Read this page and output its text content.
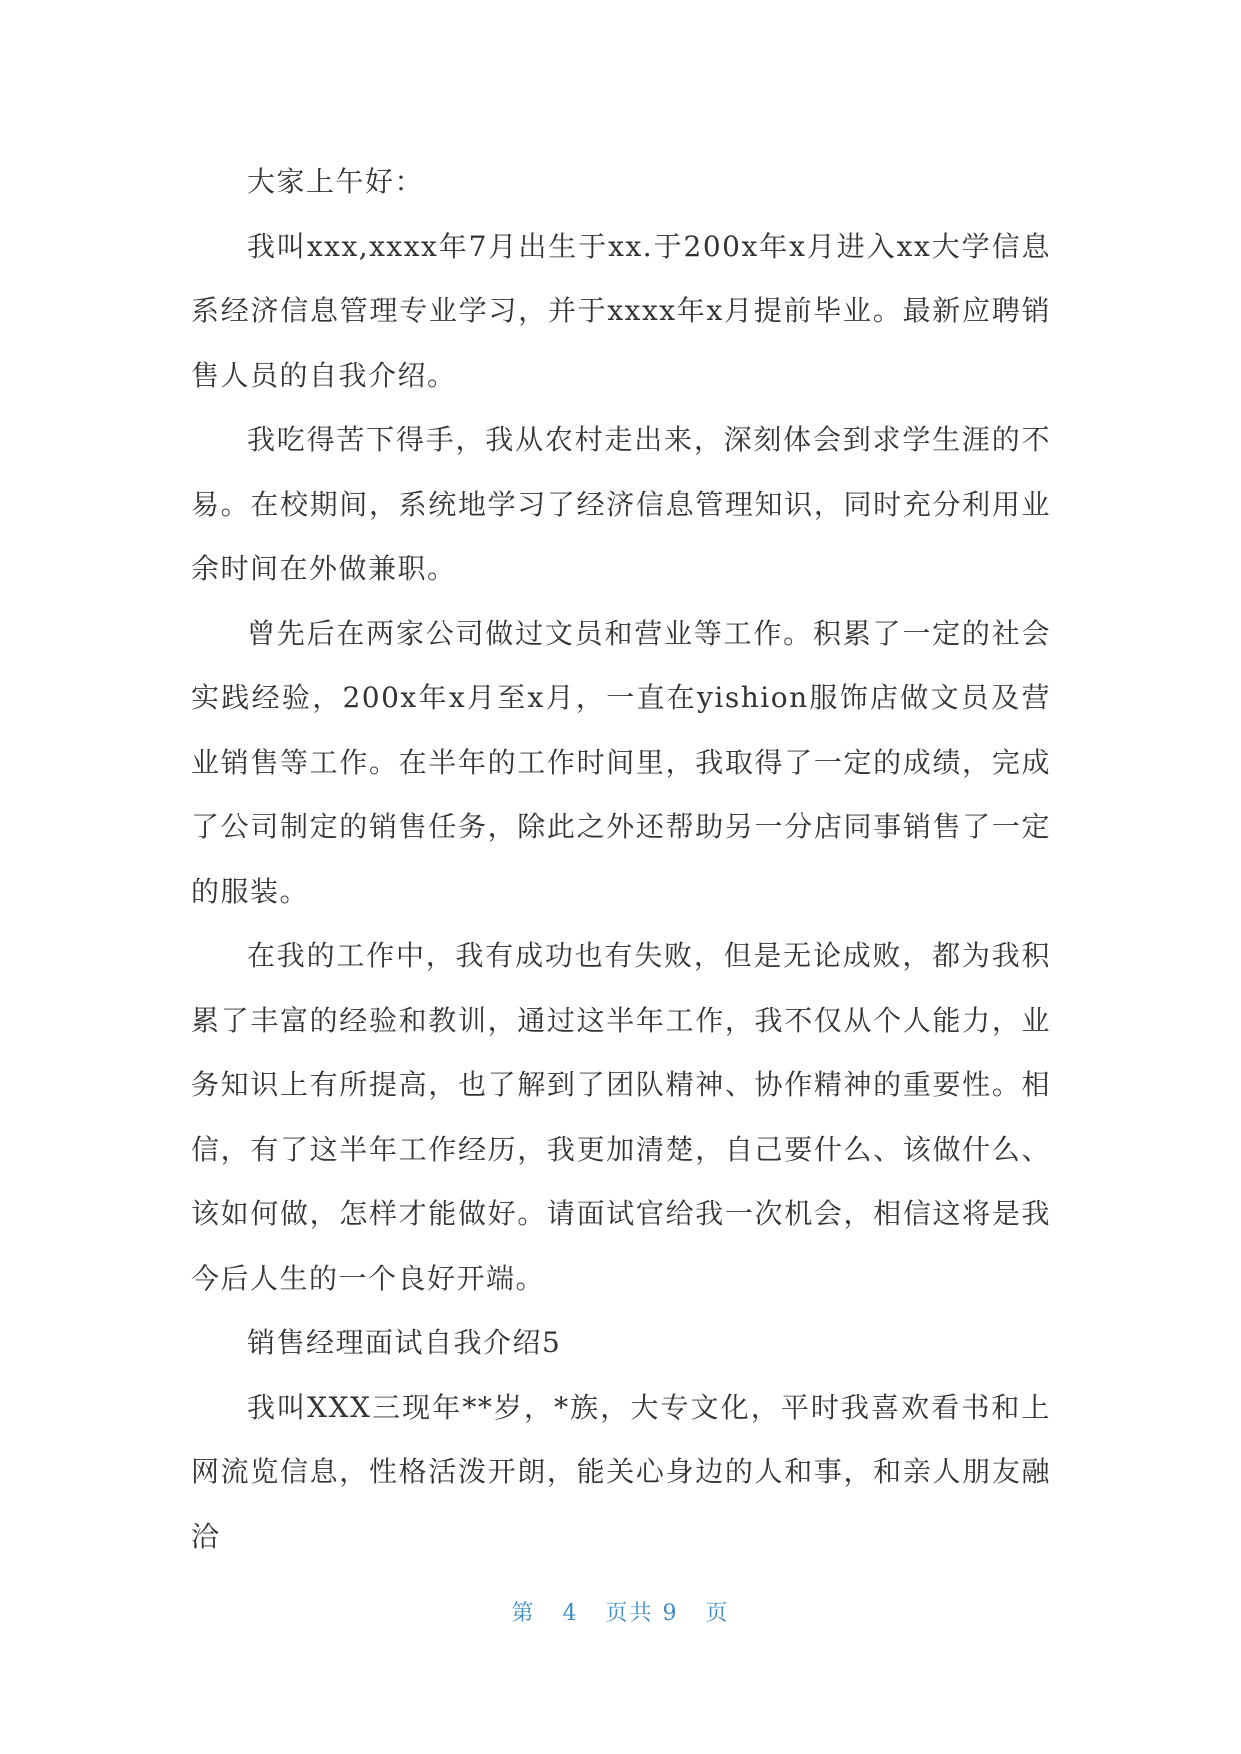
大家上午好：

我叫xxx,xxxx年7月出生于xx.于200x年x月进入xx大学信息系经济信息管理专业学习，并于xxxx年x月提前毕业。最新应聘销售人员的自我介绍。

我吃得苦下得手，我从农村走出来，深刻体会到求学生涯的不易。在校期间，系统地学习了经济信息管理知识，同时充分利用业余时间在外做兼职。

曾先后在两家公司做过文员和营业等工作。积累了一定的社会实践经验，200x年x月至x月，一直在yishion服饰店做文员及营业销售等工作。在半年的工作时间里，我取得了一定的成绩，完成了公司制定的销售任务，除此之外还帮助另一分店同事销售了一定的服装。

在我的工作中，我有成功也有失败，但是无论成败，都为我积累了丰富的经验和教训，通过这半年工作，我不仅从个人能力，业务知识上有所提高，也了解到了团队精神、协作精神的重要性。相信，有了这半年工作经历，我更加清楚，自己要什么、该做什么、该如何做，怎样才能做好。请面试官给我一次机会，相信这将是我今后人生的一个良好开端。

销售经理面试自我介绍5

我叫XXX三现年**岁，*族，大专文化，平时我喜欢看书和上网流览信息，性格活泼开朗，能关心身边的人和事，和亲人朋友融洽

第 4 页共 9 页
